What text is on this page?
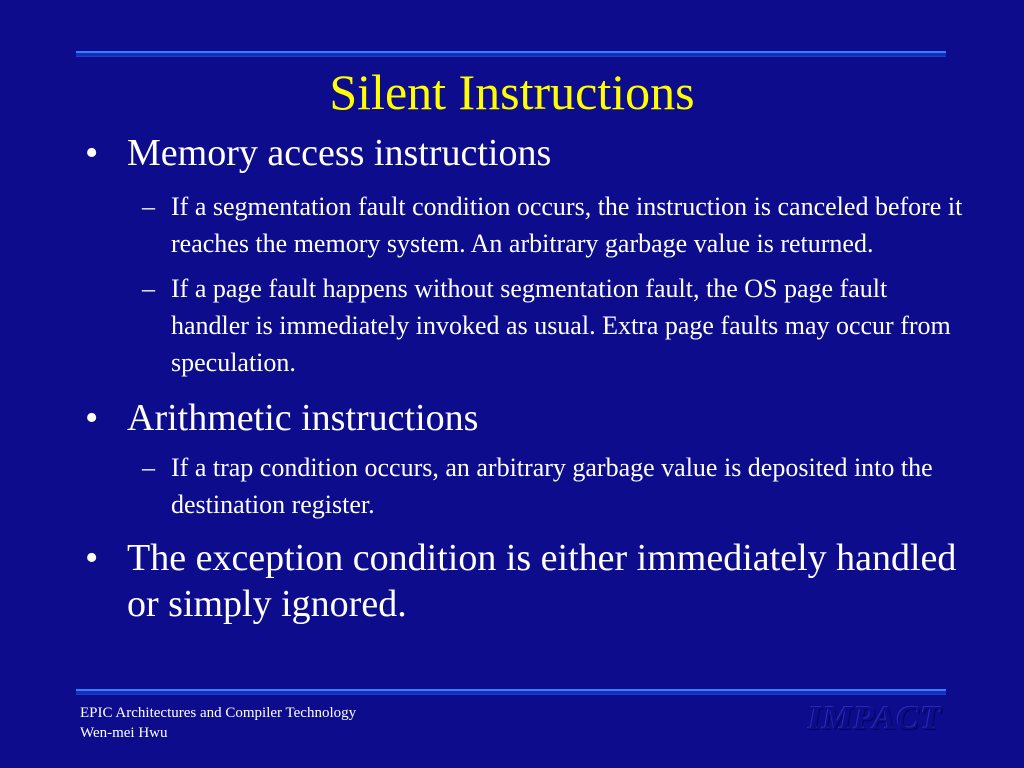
Silent Instructions

• Memory access instructions

– If a segmentation fault condition occurs, the instruction is canceled before it reaches the memory system. An arbitrary garbage value is returned.

– If a page fault happens without segmentation fault, the OS page fault handler is immediately invoked as usual. Extra page faults may occur from speculation.

• Arithmetic instructions

– If a trap condition occurs, an arbitrary garbage value is deposited into the destination register.

• The exception condition is either immediately handled or simply ignored.

EPIC Architectures and Compiler Technology
Wen-mei Hwu	IMPACT
